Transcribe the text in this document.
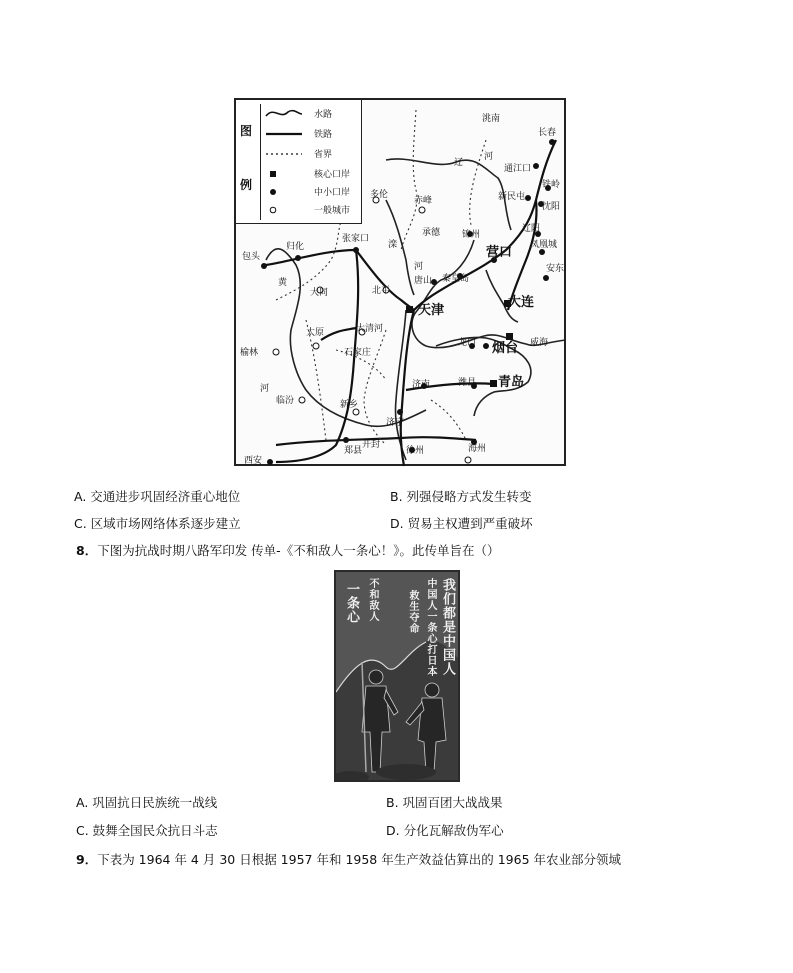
图
例
水路
铁路
省界
核心口岸
中小口岸
一般城市
洮南
长春
辽
河
通江口
铁岭
新民屯
沈阳
多伦
赤峰
承德 锦州
辽阳
凤凰城
安东
营口
包头
归化
张家口
滦
河
唐山 秦皇岛
大连
黄
大同	北平
天津
太原	大清河
石家庄
龙口 烟台 威海
榆林
河
临汾
济南	潍县 青岛
新乡
济宁
开封
郑县	徐州	海州
西安
A. 交通进步巩固经济重心地位	B. 列强侵略方式发生转变
C. 区域市场网络体系逐步建立	D. 贸易主权遭到严重破坏
8．下图为抗战时期八路军印发 传单-《不和敌人一条心！》。此传单旨在（）
我们都是中国人
中国人一条心打日本
救生夺命
不和敌人
一条心
A. 巩固抗日民族统一战线	B. 巩固百团大战战果
C. 鼓舞全国民众抗日斗志	D. 分化瓦解敌伪军心
9．下表为 1964 年 4 月 30 日根据 1957 年和 1958 年生产效益估算出的 1965 年农业部分领域
